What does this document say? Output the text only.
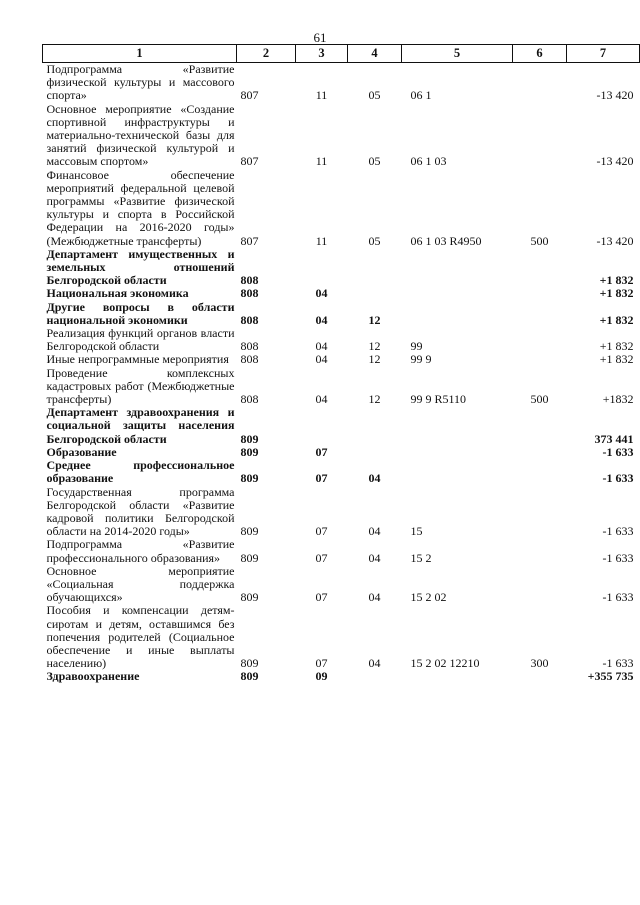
61
1	2	3	4	5	6	7
Подпрограмма «Развитие физической культуры и массового спорта»	807	11	05	06 1		-13 420
Основное мероприятие «Создание спортивной инфраструктуры и материально-технической базы для занятий физической культурой и массовым спортом»	807	11	05	06 1 03		-13 420
Финансовое обеспечение мероприятий федеральной целевой программы «Развитие физической культуры и спорта в Российской Федерации на 2016-2020 годы» (Межбюджетные трансферты)	807	11	05	06 1 03 R4950	500	-13 420
Департамент имущественных и земельных отношений Белгородской области	808					+1 832
Национальная экономика	808	04				+1 832
Другие вопросы в области национальной экономики	808	04	12			+1 832
Реализация функций органов власти Белгородской области	808	04	12	99		+1 832
Иные непрограммные мероприятия	808	04	12	99 9		+1 832
Проведение комплексных кадастровых работ (Межбюджетные трансферты)	808	04	12	99 9 R5110	500	+1832
Департамент здравоохранения и социальной защиты населения Белгородской области	809					373 441
Образование	809	07				-1 633
Среднее профессиональное образование	809	07	04			-1 633
Государственная программа Белгородской области «Развитие кадровой политики Белгородской области на 2014-2020 годы»	809	07	04	15		-1 633
Подпрограмма «Развитие профессионального образования»	809	07	04	15 2		-1 633
Основное мероприятие «Социальная поддержка обучающихся»	809	07	04	15 2 02		-1 633
Пособия и компенсации детям-сиротам и детям, оставшимся без попечения родителей (Социальное обеспечение и иные выплаты населению)	809	07	04	15 2 02 12210	300	-1 633
Здравоохранение	809	09				+355 735
